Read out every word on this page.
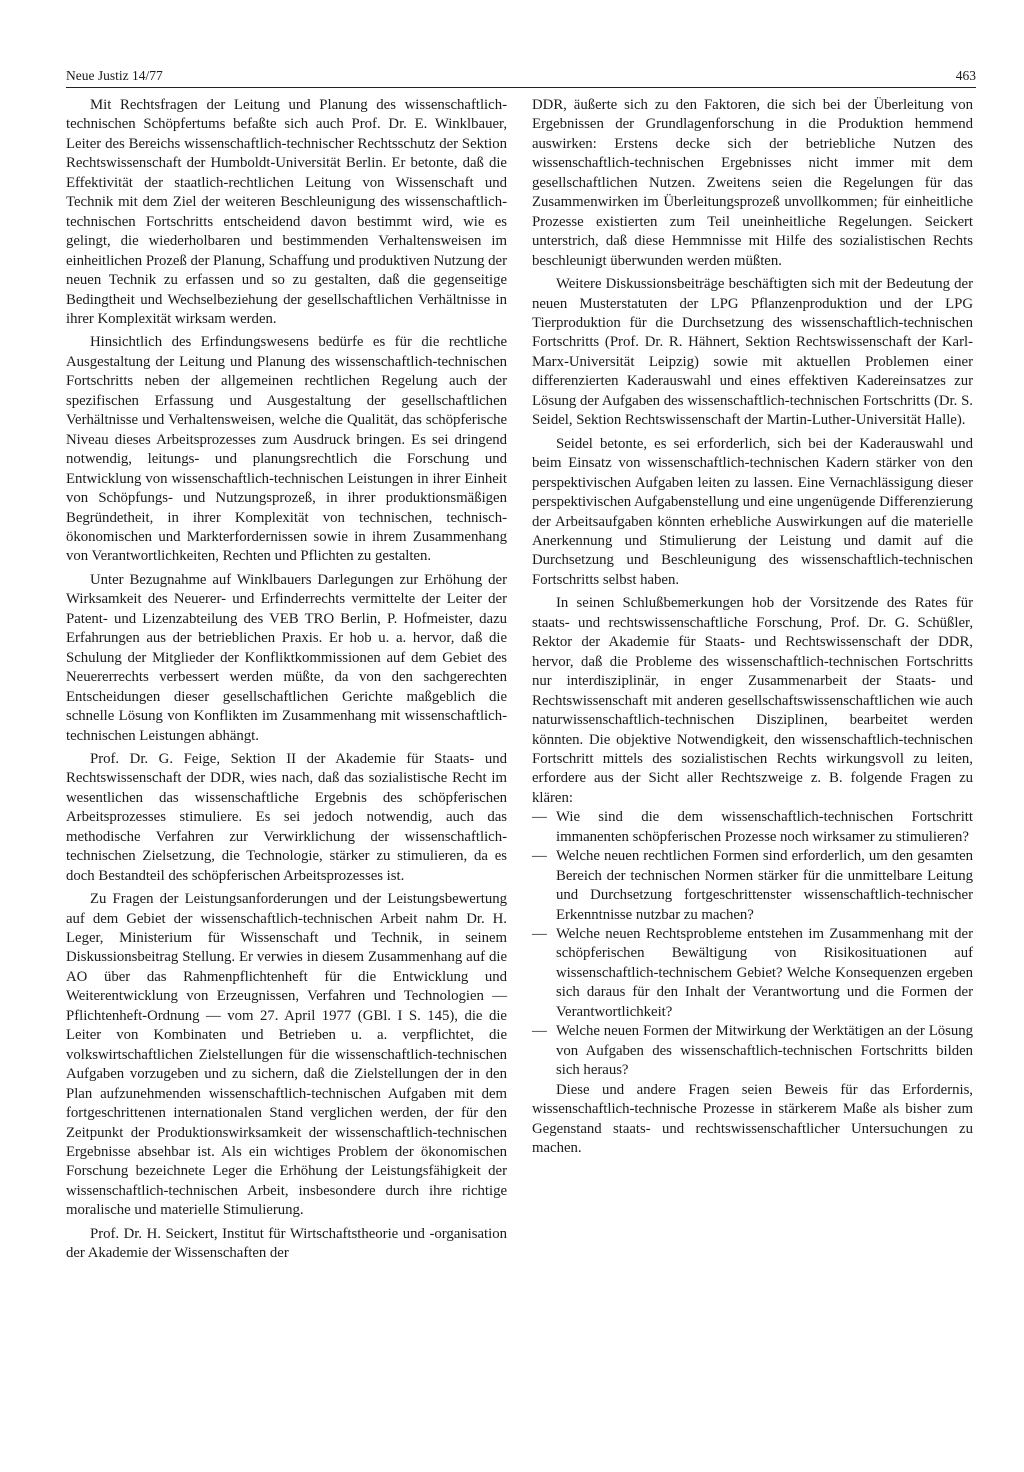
Neue Justiz 14/77	463

Mit Rechtsfragen der Leitung und Planung des wissenschaftlich-technischen Schöpfertums befaßte sich auch Prof. Dr. E. Winklbauer, Leiter des Bereichs wissenschaftlich-technischer Rechtsschutz der Sektion Rechtswissenschaft der Humboldt-Universität Berlin. Er betonte, daß die Effektivität der staatlich-rechtlichen Leitung von Wissenschaft und Technik mit dem Ziel der weiteren Beschleunigung des wissenschaftlich-technischen Fortschritts entscheidend davon bestimmt wird, wie es gelingt, die wiederholbaren und bestimmenden Verhaltensweisen im einheitlichen Prozeß der Planung, Schaffung und produktiven Nutzung der neuen Technik zu erfassen und so zu gestalten, daß die gegenseitige Bedingtheit und Wechselbeziehung der gesellschaftlichen Verhältnisse in ihrer Komplexität wirksam werden.

Hinsichtlich des Erfindungswesens bedürfe es für die rechtliche Ausgestaltung der Leitung und Planung des wissenschaftlich-technischen Fortschritts neben der allgemeinen rechtlichen Regelung auch der spezifischen Erfassung und Ausgestaltung der gesellschaftlichen Verhältnisse und Verhaltensweisen, welche die Qualität, das schöpferische Niveau dieses Arbeitsprozesses zum Ausdruck bringen. Es sei dringend notwendig, leitungs- und planungsrechtlich die Forschung und Entwicklung von wissenschaftlich-technischen Leistungen in ihrer Einheit von Schöpfungs- und Nutzungsprozeß, in ihrer produktionsmäßigen Begründetheit, in ihrer Komplexität von technischen, technisch-ökonomischen und Markterfordernissen sowie in ihrem Zusammenhang von Verantwortlichkeiten, Rechten und Pflichten zu gestalten.

Unter Bezugnahme auf Winklbauers Darlegungen zur Erhöhung der Wirksamkeit des Neuerer- und Erfinderrechts vermittelte der Leiter der Patent- und Lizenzabteilung des VEB TRO Berlin, P. Hofmeister, dazu Erfahrungen aus der betrieblichen Praxis. Er hob u. a. hervor, daß die Schulung der Mitglieder der Konfliktkommissionen auf dem Gebiet des Neuererrechts verbessert werden müßte, da von den sachgerechten Entscheidungen dieser gesellschaftlichen Gerichte maßgeblich die schnelle Lösung von Konflikten im Zusammenhang mit wissenschaftlich-technischen Leistungen abhängt.

Prof. Dr. G. Feige, Sektion II der Akademie für Staats- und Rechtswissenschaft der DDR, wies nach, daß das sozialistische Recht im wesentlichen das wissenschaftliche Ergebnis des schöpferischen Arbeitsprozesses stimuliere. Es sei jedoch notwendig, auch das methodische Verfahren zur Verwirklichung der wissenschaftlich-technischen Zielsetzung, die Technologie, stärker zu stimulieren, da es doch Bestandteil des schöpferischen Arbeitsprozesses ist.

Zu Fragen der Leistungsanforderungen und der Leistungsbewertung auf dem Gebiet der wissenschaftlich-technischen Arbeit nahm Dr. H. Leger, Ministerium für Wissenschaft und Technik, in seinem Diskussionsbeitrag Stellung. Er verwies in diesem Zusammenhang auf die AO über das Rahmenpflichtenheft für die Entwicklung und Weiterentwicklung von Erzeugnissen, Verfahren und Technologien — Pflichtenheft-Ordnung — vom 27. April 1977 (GBl. I S. 145), die die Leiter von Kombinaten und Betrieben u. a. verpflichtet, die volkswirtschaftlichen Zielstellungen für die wissenschaftlich-technischen Aufgaben vorzugeben und zu sichern, daß die Zielstellungen der in den Plan aufzunehmenden wissenschaftlich-technischen Aufgaben mit dem fortgeschrittenen internationalen Stand verglichen werden, der für den Zeitpunkt der Produktionswirksamkeit der wissenschaftlich-technischen Ergebnisse absehbar ist. Als ein wichtiges Problem der ökonomischen Forschung bezeichnete Leger die Erhöhung der Leistungsfähigkeit der wissenschaftlich-technischen Arbeit, insbesondere durch ihre richtige moralische und materielle Stimulierung.

Prof. Dr. H. Seickert, Institut für Wirtschaftstheorie und -organisation der Akademie der Wissenschaften der

DDR, äußerte sich zu den Faktoren, die sich bei der Überleitung von Ergebnissen der Grundlagenforschung in die Produktion hemmend auswirken: Erstens decke sich der betriebliche Nutzen des wissenschaftlich-technischen Ergebnisses nicht immer mit dem gesellschaftlichen Nutzen. Zweitens seien die Regelungen für das Zusammenwirken im Überleitungsprozeß unvollkommen; für einheitliche Prozesse existierten zum Teil uneinheitliche Regelungen. Seickert unterstrich, daß diese Hemmnisse mit Hilfe des sozialistischen Rechts beschleunigt überwunden werden müßten.

Weitere Diskussionsbeiträge beschäftigten sich mit der Bedeutung der neuen Musterstatuten der LPG Pflanzenproduktion und der LPG Tierproduktion für die Durchsetzung des wissenschaftlich-technischen Fortschritts (Prof. Dr. R. Hähnert, Sektion Rechtswissenschaft der Karl-Marx-Universität Leipzig) sowie mit aktuellen Problemen einer differenzierten Kaderauswahl und eines effektiven Kadereinsatzes zur Lösung der Aufgaben des wissenschaftlich-technischen Fortschritts (Dr. S. Seidel, Sektion Rechtswissenschaft der Martin-Luther-Universität Halle).

Seidel betonte, es sei erforderlich, sich bei der Kaderauswahl und beim Einsatz von wissenschaftlich-technischen Kadern stärker von den perspektivischen Aufgaben leiten zu lassen. Eine Vernachlässigung dieser perspektivischen Aufgabenstellung und eine ungenügende Differenzierung der Arbeitsaufgaben könnten erhebliche Auswirkungen auf die materielle Anerkennung und Stimulierung der Leistung und damit auf die Durchsetzung und Beschleunigung des wissenschaftlich-technischen Fortschritts selbst haben.

In seinen Schlußbemerkungen hob der Vorsitzende des Rates für staats- und rechtswissenschaftliche Forschung, Prof. Dr. G. Schüßler, Rektor der Akademie für Staats- und Rechtswissenschaft der DDR, hervor, daß die Probleme des wissenschaftlich-technischen Fortschritts nur interdisziplinär, in enger Zusammenarbeit der Staats- und Rechtswissenschaft mit anderen gesellschaftswissenschaftlichen wie auch naturwissenschaftlich-technischen Disziplinen, bearbeitet werden könnten. Die objektive Notwendigkeit, den wissenschaftlich-technischen Fortschritt mittels des sozialistischen Rechts wirkungsvoll zu leiten, erfordere aus der Sicht aller Rechtszweige z. B. folgende Fragen zu klären:

— Wie sind die dem wissenschaftlich-technischen Fortschritt immanenten schöpferischen Prozesse noch wirksamer zu stimulieren?
— Welche neuen rechtlichen Formen sind erforderlich, um den gesamten Bereich der technischen Normen stärker für die unmittelbare Leitung und Durchsetzung fortgeschrittenster wissenschaftlich-technischer Erkenntnisse nutzbar zu machen?
— Welche neuen Rechtsprobleme entstehen im Zusammenhang mit der schöpferischen Bewältigung von Risikosituationen auf wissenschaftlich-technischem Gebiet? Welche Konsequenzen ergeben sich daraus für den Inhalt der Verantwortung und die Formen der Verantwortlichkeit?
— Welche neuen Formen der Mitwirkung der Werktätigen an der Lösung von Aufgaben des wissenschaftlich-technischen Fortschritts bilden sich heraus?

Diese und andere Fragen seien Beweis für das Erfordernis, wissenschaftlich-technische Prozesse in stärkerem Maße als bisher zum Gegenstand staats- und rechtswissenschaftlicher Untersuchungen zu machen.
